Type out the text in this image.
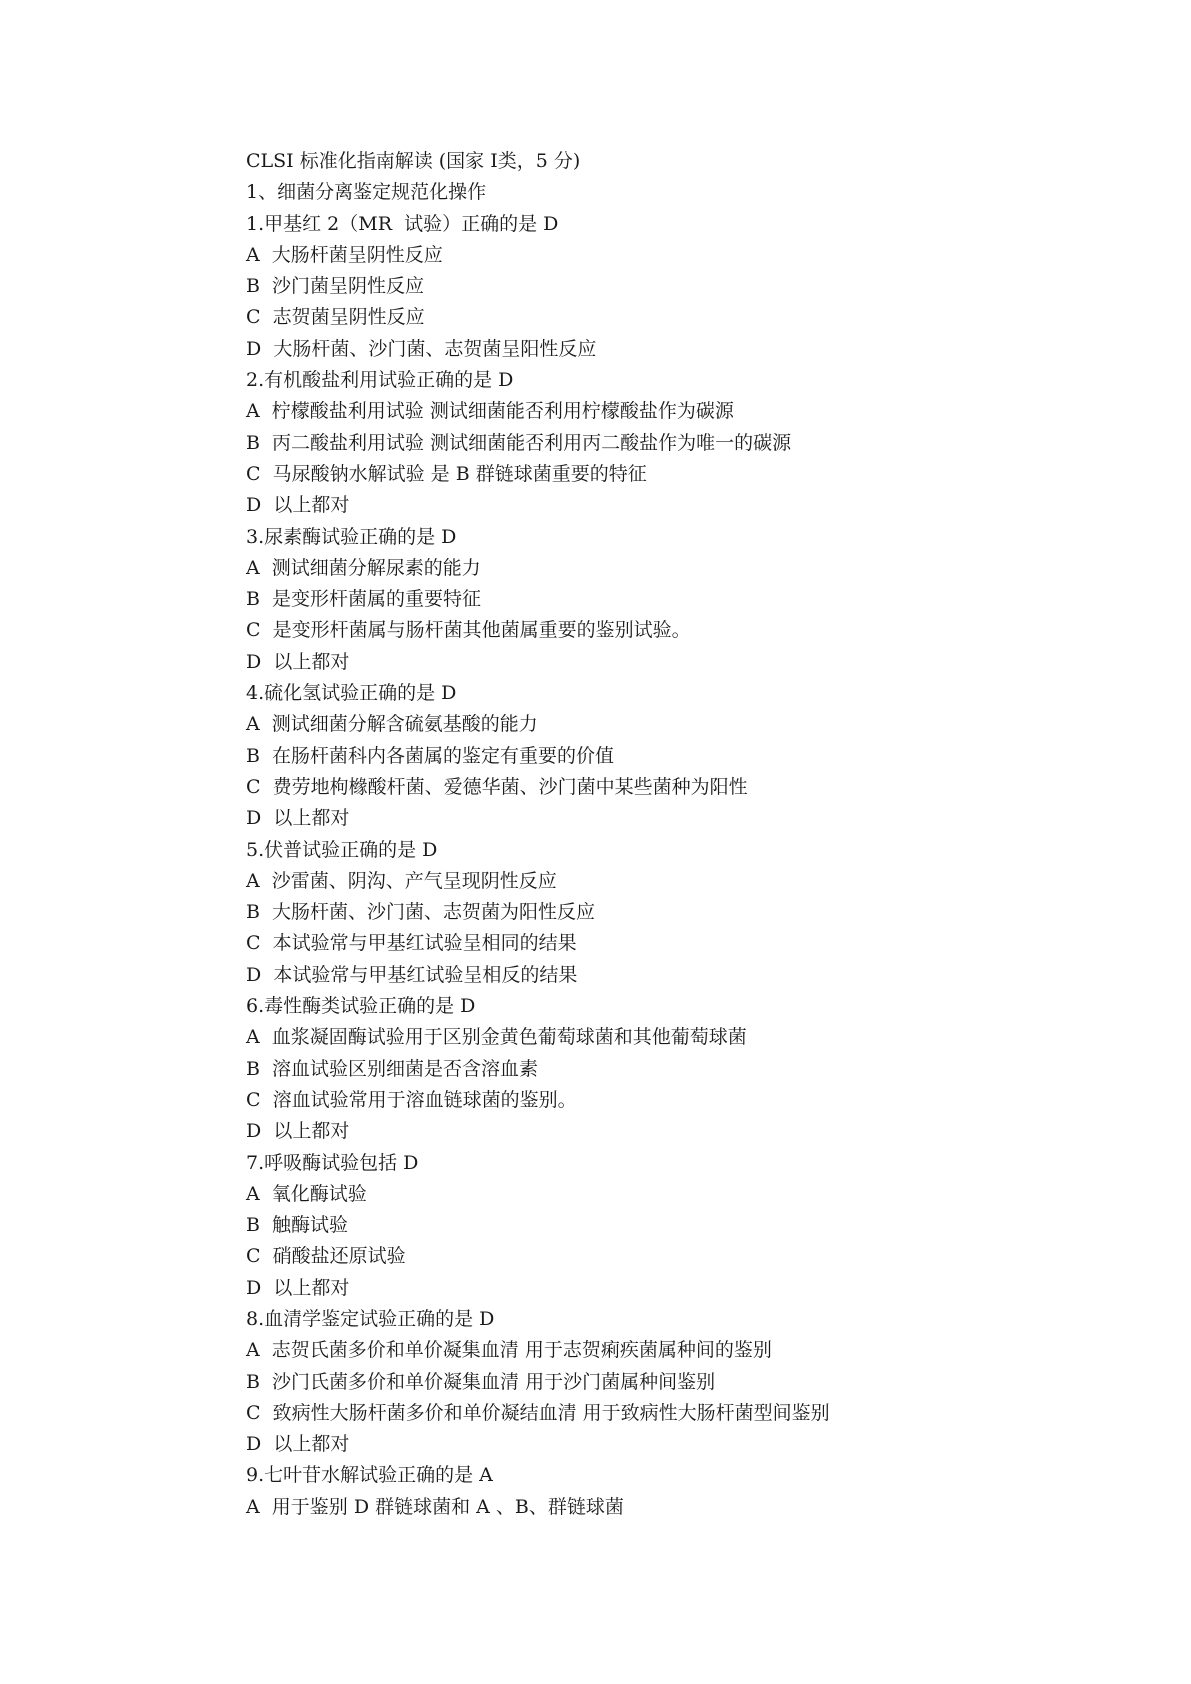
CLSI 标准化指南解读 (国家 I类，5 分)
1、细菌分离鉴定规范化操作
1.甲基红 2（MR  试验）正确的是 D
A  大肠杆菌呈阴性反应
B  沙门菌呈阴性反应
C  志贺菌呈阴性反应
D  大肠杆菌、沙门菌、志贺菌呈阳性反应
2.有机酸盐利用试验正确的是 D
A  柠檬酸盐利用试验 测试细菌能否利用柠檬酸盐作为碳源
B  丙二酸盐利用试验 测试细菌能否利用丙二酸盐作为唯一的碳源
C  马尿酸钠水解试验 是 B 群链球菌重要的特征
D  以上都对
3.尿素酶试验正确的是 D
A  测试细菌分解尿素的能力
B  是变形杆菌属的重要特征
C  是变形杆菌属与肠杆菌其他菌属重要的鉴别试验。
D  以上都对
4.硫化氢试验正确的是 D
A  测试细菌分解含硫氨基酸的能力
B  在肠杆菌科内各菌属的鉴定有重要的价值
C  费劳地枸橼酸杆菌、爱德华菌、沙门菌中某些菌种为阳性
D  以上都对
5.伏普试验正确的是 D
A  沙雷菌、阴沟、产气呈现阴性反应
B  大肠杆菌、沙门菌、志贺菌为阳性反应
C  本试验常与甲基红试验呈相同的结果
D  本试验常与甲基红试验呈相反的结果
6.毒性酶类试验正确的是 D
A  血浆凝固酶试验用于区别金黄色葡萄球菌和其他葡萄球菌
B  溶血试验区别细菌是否含溶血素
C  溶血试验常用于溶血链球菌的鉴别。
D  以上都对
7.呼吸酶试验包括 D
A  氧化酶试验
B  触酶试验
C  硝酸盐还原试验
D  以上都对
8.血清学鉴定试验正确的是 D
A  志贺氏菌多价和单价凝集血清 用于志贺痢疾菌属种间的鉴别
B  沙门氏菌多价和单价凝集血清 用于沙门菌属种间鉴别
C  致病性大肠杆菌多价和单价凝结血清 用于致病性大肠杆菌型间鉴别
D  以上都对
9.七叶苷水解试验正确的是 A
A  用于鉴别 D 群链球菌和 A 、B、群链球菌
